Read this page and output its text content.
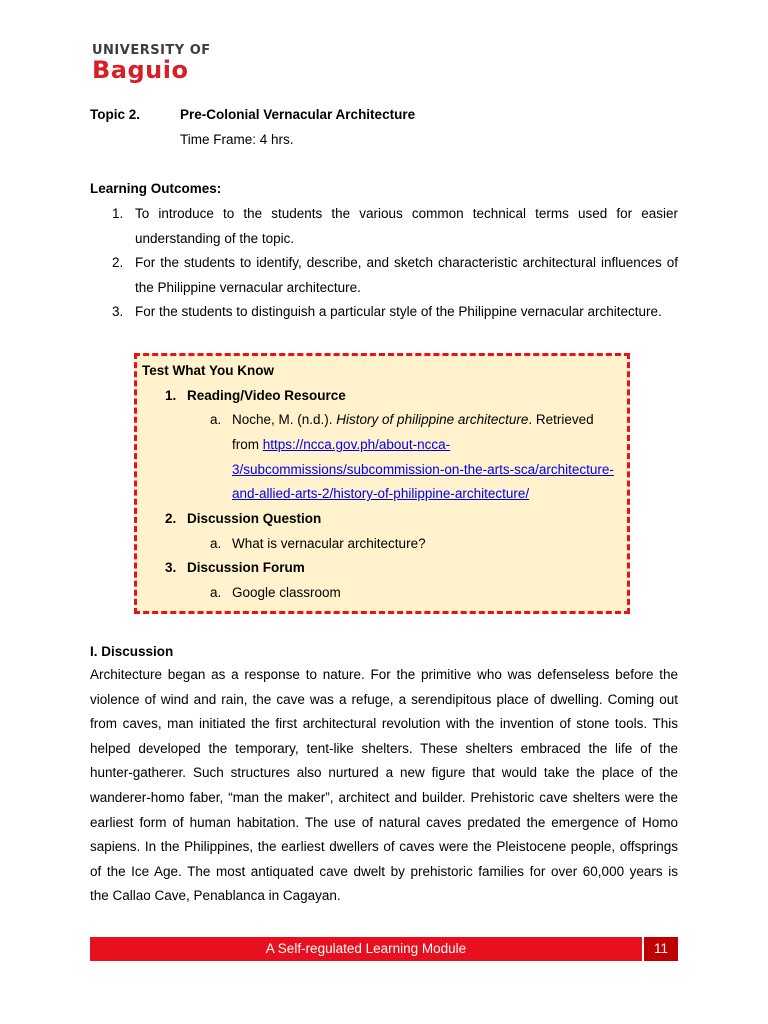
UNIVERSITY OF
Baguio
Topic 2.	Pre-Colonial Vernacular Architecture
Time Frame: 4 hrs.
Learning Outcomes:
1. To introduce to the students the various common technical terms used for easier understanding of the topic.
2. For the students to identify, describe, and sketch characteristic architectural influences of the Philippine vernacular architecture.
3. For the students to distinguish a particular style of the Philippine vernacular architecture.
Test What You Know
1. Reading/Video Resource
a. Noche, M. (n.d.). History of philippine architecture. Retrieved
from https://ncca.gov.ph/about-ncca-
3/subcommissions/subcommission-on-the-arts-sca/architecture-
and-allied-arts-2/history-of-philippine-architecture/
2. Discussion Question
a. What is vernacular architecture?
3. Discussion Forum
a. Google classroom
I. Discussion
Architecture began as a response to nature. For the primitive who was defenseless before the
violence of wind and rain, the cave was a refuge, a serendipitous place of dwelling. Coming out
from caves, man initiated the first architectural revolution with the invention of stone tools. This
helped developed the temporary, tent-like shelters. These shelters embraced the life of the
hunter-gatherer. Such structures also nurtured a new figure that would take the place of the
wanderer-homo faber, “man the maker”, architect and builder. Prehistoric cave shelters were the
earliest form of human habitation. The use of natural caves predated the emergence of Homo
sapiens. In the Philippines, the earliest dwellers of caves were the Pleistocene people, offsprings
of the Ice Age. The most antiquated cave dwelt by prehistoric families for over 60,000 years is
the Callao Cave, Penablanca in Cagayan.
A Self-regulated Learning Module	11
